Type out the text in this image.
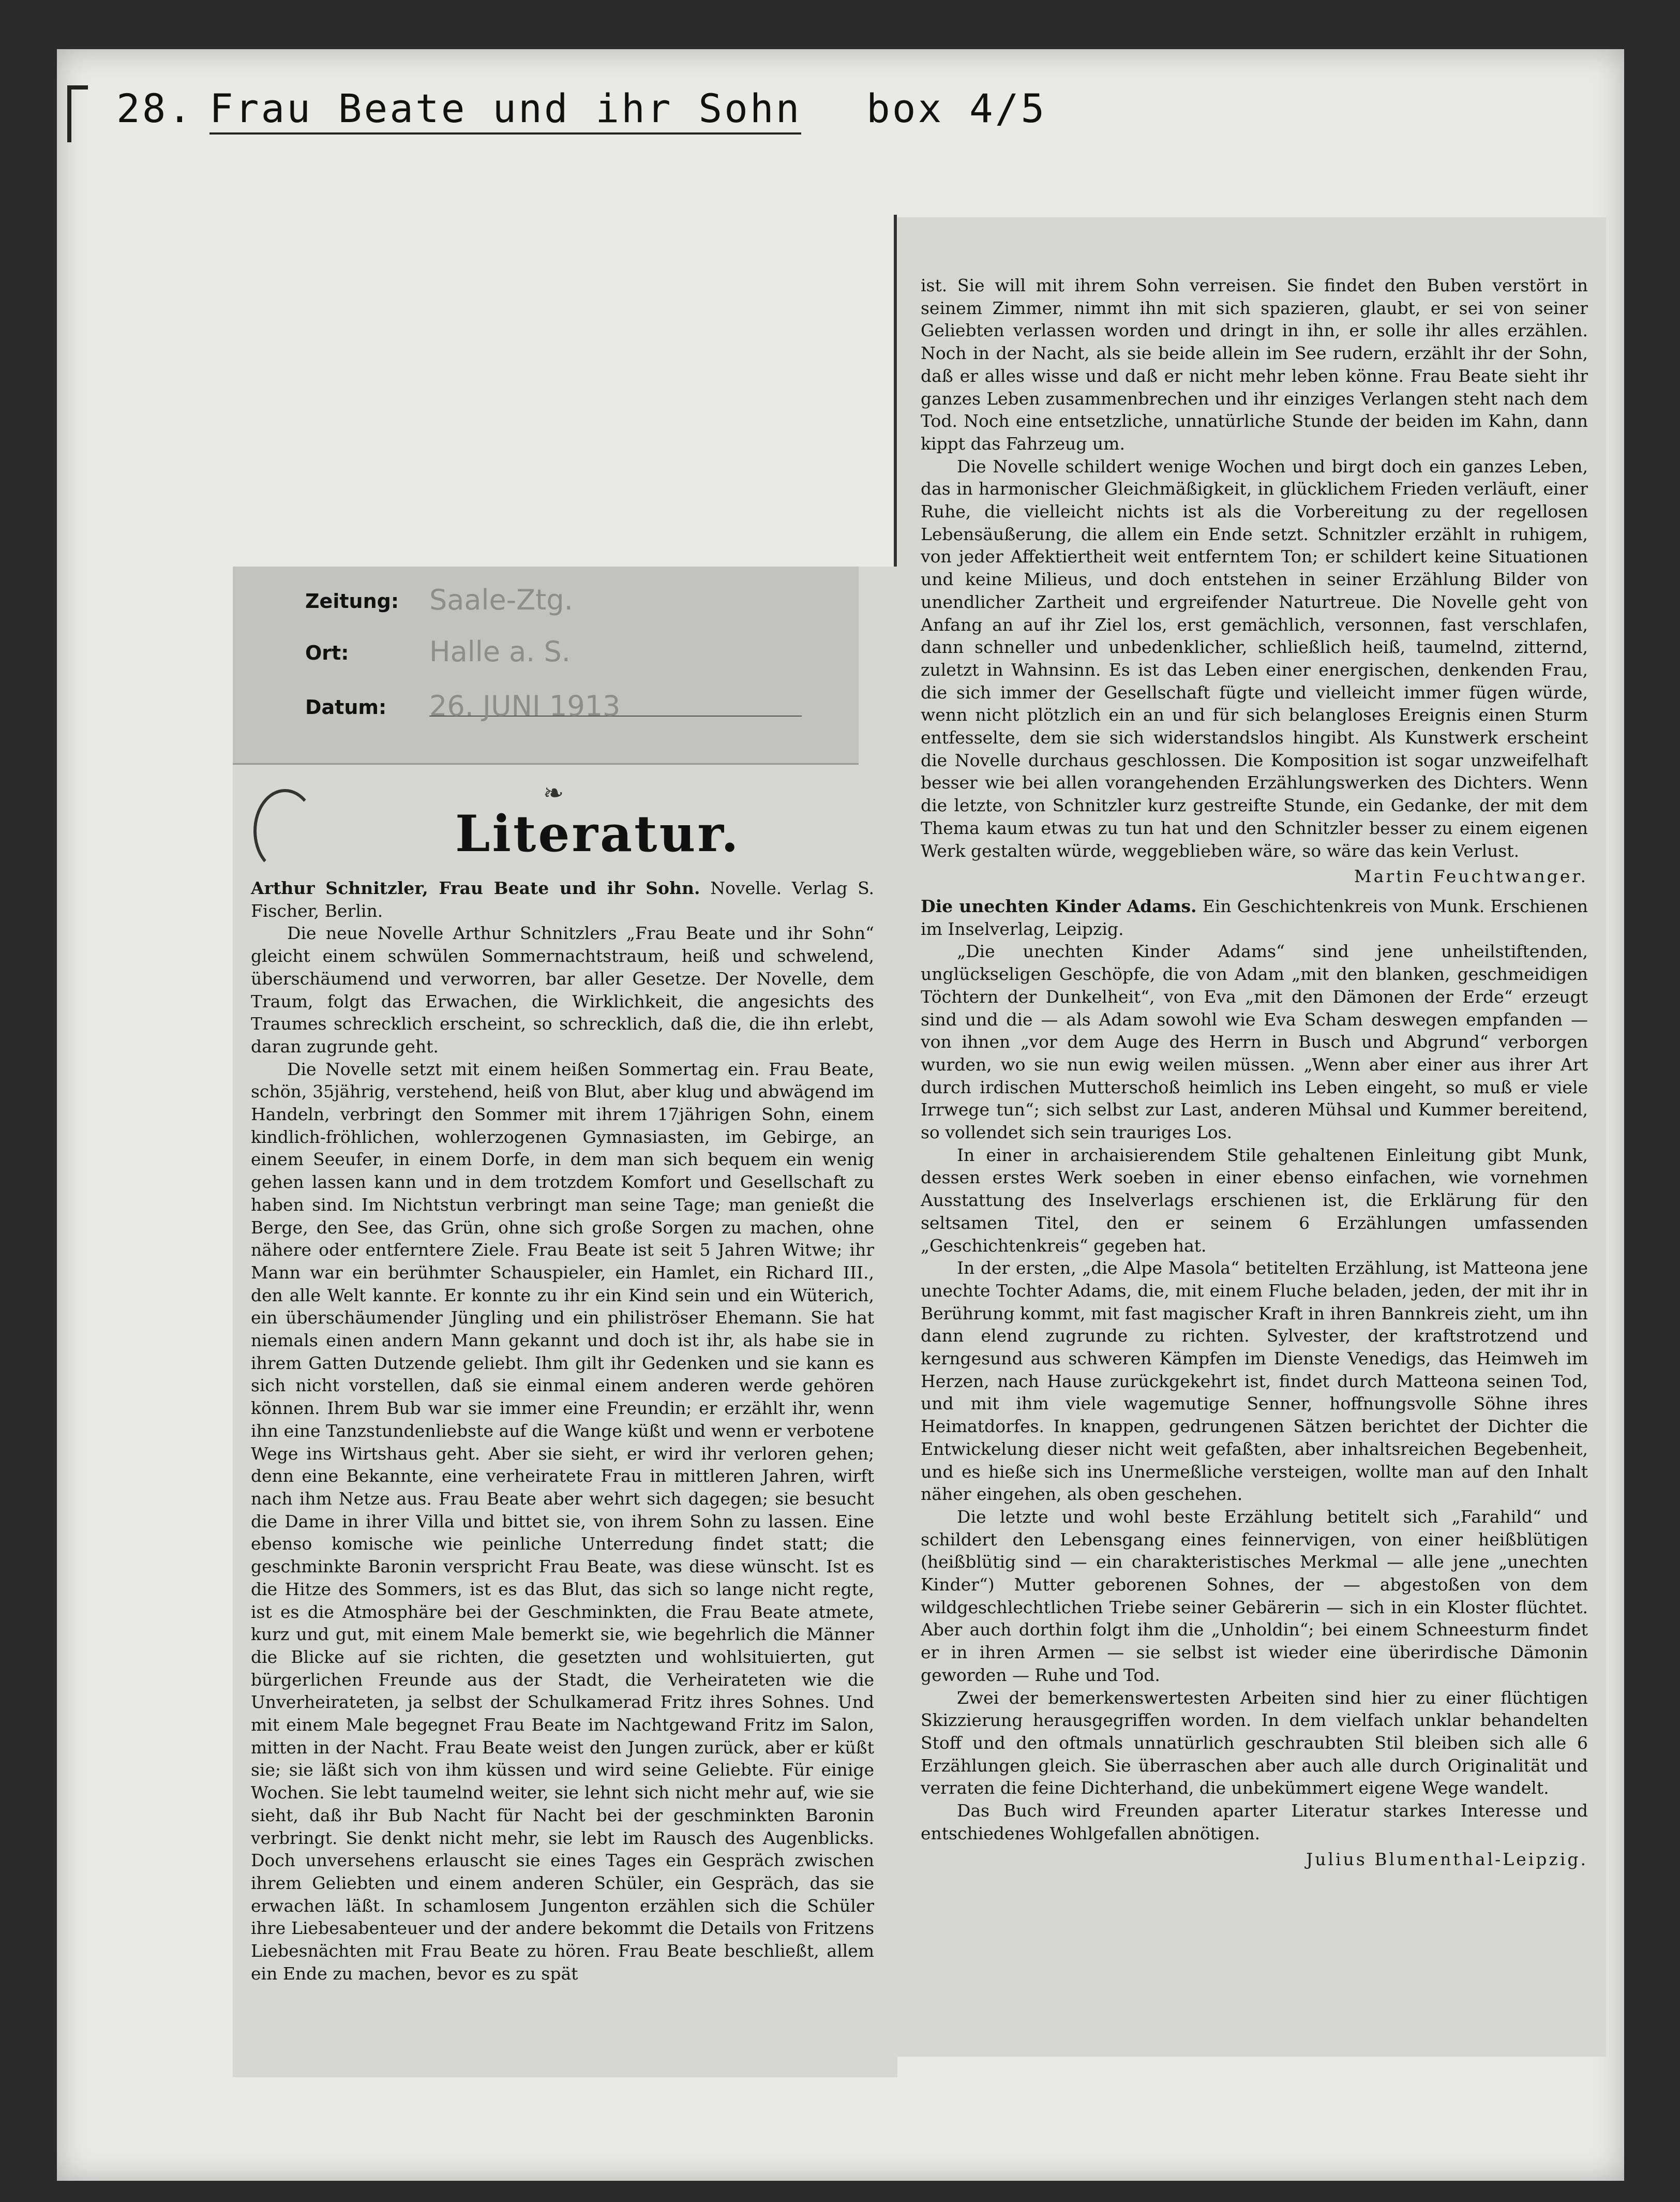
28. Frau Beate und ihr Sohn box 4/5
Zeitung: Saale-Ztg.
Ort:	Halle a. S.
Datum: 26. JUNI 1913
❧
Literatur.

Arthur Schnitzler, Frau Beate und ihr Sohn. Novelle. Verlag S. Fischer, Berlin.

Die neue Novelle Arthur Schnitzlers „Frau Beate und ihr Sohn“ gleicht einem schwülen Sommernachtstraum, heiß und schwelend, überschäumend und verworren, bar aller Gesetze. Der Novelle, dem Traum, folgt das Erwachen, die Wirklichkeit, die angesichts des Traumes schrecklich erscheint, so schrecklich, daß die, die ihn erlebt, daran zugrunde geht.

Die Novelle setzt mit einem heißen Sommertag ein. Frau Beate, schön, 35jährig, verstehend, heiß von Blut, aber klug und abwägend im Handeln, verbringt den Sommer mit ihrem 17jährigen Sohn, einem kindlich-fröhlichen, wohlerzogenen Gymnasiasten, im Gebirge, an einem Seeufer, in einem Dorfe, in dem man sich bequem ein wenig gehen lassen kann und in dem trotzdem Komfort und Gesellschaft zu haben sind. Im Nichtstun verbringt man seine Tage; man genießt die Berge, den See, das Grün, ohne sich große Sorgen zu machen, ohne nähere oder entferntere Ziele. Frau Beate ist seit 5 Jahren Witwe; ihr Mann war ein berühmter Schauspieler, ein Hamlet, ein Richard III., den alle Welt kannte. Er konnte zu ihr ein Kind sein und ein Wüterich, ein überschäumender Jüngling und ein philiströser Ehemann. Sie hat niemals einen andern Mann gekannt und doch ist ihr, als habe sie in ihrem Gatten Dutzende geliebt. Ihm gilt ihr Gedenken und sie kann es sich nicht vorstellen, daß sie einmal einem anderen werde gehören können. Ihrem Bub war sie immer eine Freundin; er erzählt ihr, wenn ihn eine Tanzstundenliebste auf die Wange küßt und wenn er verbotene Wege ins Wirtshaus geht. Aber sie sieht, er wird ihr verloren gehen; denn eine Bekannte, eine verheiratete Frau in mittleren Jahren, wirft nach ihm Netze aus. Frau Beate aber wehrt sich dagegen; sie besucht die Dame in ihrer Villa und bittet sie, von ihrem Sohn zu lassen. Eine ebenso komische wie peinliche Unterredung findet statt; die geschminkte Baronin verspricht Frau Beate, was diese wünscht. Ist es die Hitze des Sommers, ist es das Blut, das sich so lange nicht regte, ist es die Atmosphäre bei der Geschminkten, die Frau Beate atmete, kurz und gut, mit einem Male bemerkt sie, wie begehrlich die Männer die Blicke auf sie richten, die gesetzten und wohlsituierten, gut bürgerlichen Freunde aus der Stadt, die Verheirateten wie die Unverheirateten, ja selbst der Schulkamerad Fritz ihres Sohnes. Und mit einem Male begegnet Frau Beate im Nachtgewand Fritz im Salon, mitten in der Nacht. Frau Beate weist den Jungen zurück, aber er küßt sie; sie läßt sich von ihm küssen und wird seine Geliebte. Für einige Wochen. Sie lebt taumelnd weiter, sie lehnt sich nicht mehr auf, wie sie sieht, daß ihr Bub Nacht für Nacht bei der geschminkten Baronin verbringt. Sie denkt nicht mehr, sie lebt im Rausch des Augenblicks. Doch unversehens erlauscht sie eines Tages ein Gespräch zwischen ihrem Geliebten und einem anderen Schüler, ein Gespräch, das sie erwachen läßt. In schamlosem Jungenton erzählen sich die Schüler ihre Liebesabenteuer und der andere bekommt die Details von Fritzens Liebesnächten mit Frau Beate zu hören. Frau Beate beschließt, allem ein Ende zu machen, bevor es zu spät

ist. Sie will mit ihrem Sohn verreisen. Sie findet den Buben verstört in seinem Zimmer, nimmt ihn mit sich spazieren, glaubt, er sei von seiner Geliebten verlassen worden und dringt in ihn, er solle ihr alles erzählen. Noch in der Nacht, als sie beide allein im See rudern, erzählt ihr der Sohn, daß er alles wisse und daß er nicht mehr leben könne. Frau Beate sieht ihr ganzes Leben zusammenbrechen und ihr einziges Verlangen steht nach dem Tod. Noch eine entsetzliche, unnatürliche Stunde der beiden im Kahn, dann kippt das Fahrzeug um.

Die Novelle schildert wenige Wochen und birgt doch ein ganzes Leben, das in harmonischer Gleichmäßigkeit, in glücklichem Frieden verläuft, einer Ruhe, die vielleicht nichts ist als die Vorbereitung zu der regellosen Lebensäußerung, die allem ein Ende setzt. Schnitzler erzählt in ruhigem, von jeder Affektiertheit weit entferntem Ton; er schildert keine Situationen und keine Milieus, und doch entstehen in seiner Erzählung Bilder von unendlicher Zartheit und ergreifender Naturtreue. Die Novelle geht von Anfang an auf ihr Ziel los, erst gemächlich, versonnen, fast verschlafen, dann schneller und unbedenklicher, schließlich heiß, taumelnd, zitternd, zuletzt in Wahnsinn. Es ist das Leben einer energischen, denkenden Frau, die sich immer der Gesellschaft fügte und vielleicht immer fügen würde, wenn nicht plötzlich ein an und für sich belangloses Ereignis einen Sturm entfesselte, dem sie sich widerstandslos hingibt. Als Kunstwerk erscheint die Novelle durchaus geschlossen. Die Komposition ist sogar unzweifelhaft besser wie bei allen vorangehenden Erzählungswerken des Dichters. Wenn die letzte, von Schnitzler kurz gestreifte Stunde, ein Gedanke, der mit dem Thema kaum etwas zu tun hat und den Schnitzler besser zu einem eigenen Werk gestalten würde, weggeblieben wäre, so wäre das kein Verlust.

Martin Feuchtwanger.

Die unechten Kinder Adams. Ein Geschichtenkreis von Munk. Erschienen im Inselverlag, Leipzig.

„Die unechten Kinder Adams“ sind jene unheilstiftenden, unglückseligen Geschöpfe, die von Adam „mit den blanken, geschmeidigen Töchtern der Dunkelheit“, von Eva „mit den Dämonen der Erde“ erzeugt sind und die — als Adam sowohl wie Eva Scham deswegen empfanden — von ihnen „vor dem Auge des Herrn in Busch und Abgrund“ verborgen wurden, wo sie nun ewig weilen müssen. „Wenn aber einer aus ihrer Art durch irdischen Mutterschoß heimlich ins Leben eingeht, so muß er viele Irrwege tun“; sich selbst zur Last, anderen Mühsal und Kummer bereitend, so vollendet sich sein trauriges Los.

In einer in archaisierendem Stile gehaltenen Einleitung gibt Munk, dessen erstes Werk soeben in einer ebenso einfachen, wie vornehmen Ausstattung des Inselverlags erschienen ist, die Erklärung für den seltsamen Titel, den er seinem 6 Erzählungen umfassenden „Geschichtenkreis“ gegeben hat.

In der ersten, „die Alpe Masola“ betitelten Erzählung, ist Matteona jene unechte Tochter Adams, die, mit einem Fluche beladen, jeden, der mit ihr in Berührung kommt, mit fast magischer Kraft in ihren Bannkreis zieht, um ihn dann elend zugrunde zu richten. Sylvester, der kraftstrotzend und kerngesund aus schweren Kämpfen im Dienste Venedigs, das Heimweh im Herzen, nach Hause zurückgekehrt ist, findet durch Matteona seinen Tod, und mit ihm viele wagemutige Senner, hoffnungsvolle Söhne ihres Heimatdorfes. In knappen, gedrungenen Sätzen berichtet der Dichter die Entwickelung dieser nicht weit gefaßten, aber inhaltsreichen Begebenheit, und es hieße sich ins Unermeßliche versteigen, wollte man auf den Inhalt näher eingehen, als oben geschehen.

Die letzte und wohl beste Erzählung betitelt sich „Farahild“ und schildert den Lebensgang eines feinnervigen, von einer heißblütigen (heißblütig sind — ein charakteristisches Merkmal — alle jene „unechten Kinder“) Mutter geborenen Sohnes, der — abgestoßen von dem wildgeschlechtlichen Triebe seiner Gebärerin — sich in ein Kloster flüchtet. Aber auch dorthin folgt ihm die „Unholdin“; bei einem Schneesturm findet er in ihren Armen — sie selbst ist wieder eine überirdische Dämonin geworden — Ruhe und Tod.

Zwei der bemerkenswertesten Arbeiten sind hier zu einer flüchtigen Skizzierung herausgegriffen worden. In dem vielfach unklar behandelten Stoff und den oftmals unnatürlich geschraubten Stil bleiben sich alle 6 Erzählungen gleich. Sie überraschen aber auch alle durch Originalität und verraten die feine Dichterhand, die unbekümmert eigene Wege wandelt.

Das Buch wird Freunden aparter Literatur starkes Interesse und entschiedenes Wohlgefallen abnötigen.

Julius Blumenthal-Leipzig.
